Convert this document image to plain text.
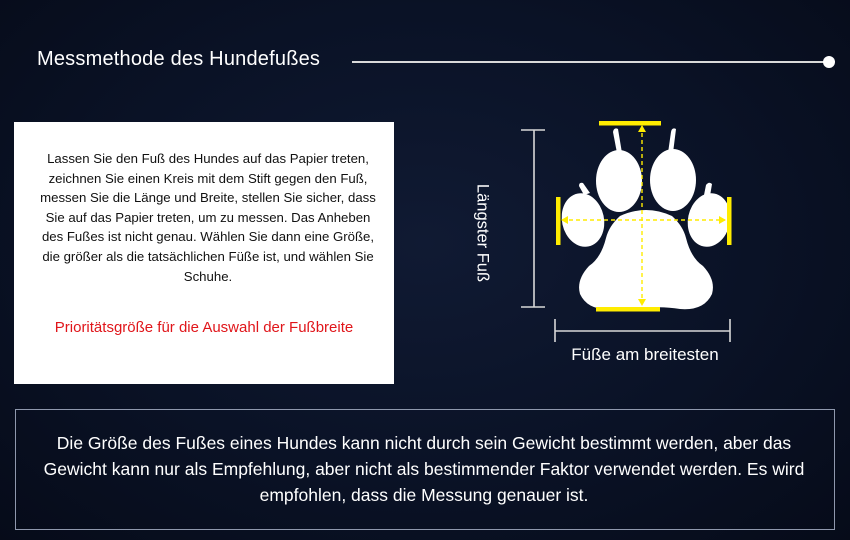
Messmethode des Hundefußes
Lassen Sie den Fuß des Hundes auf das Papier treten, zeichnen Sie einen Kreis mit dem Stift gegen den Fuß, messen Sie die Länge und Breite, stellen Sie sicher, dass Sie auf das Papier treten, um zu messen. Das Anheben des Fußes ist nicht genau. Wählen Sie dann eine Größe, die größer als die tatsächlichen Füße ist, und wählen Sie Schuhe.
Prioritätsgröße für die Auswahl der Fußbreite
Längster Fuß
Füße am breitesten
Die Größe des Fußes eines Hundes kann nicht durch sein Gewicht bestimmt werden, aber das Gewicht kann nur als Empfehlung, aber nicht als bestimmender Faktor verwendet werden. Es wird empfohlen, dass die Messung genauer ist.
